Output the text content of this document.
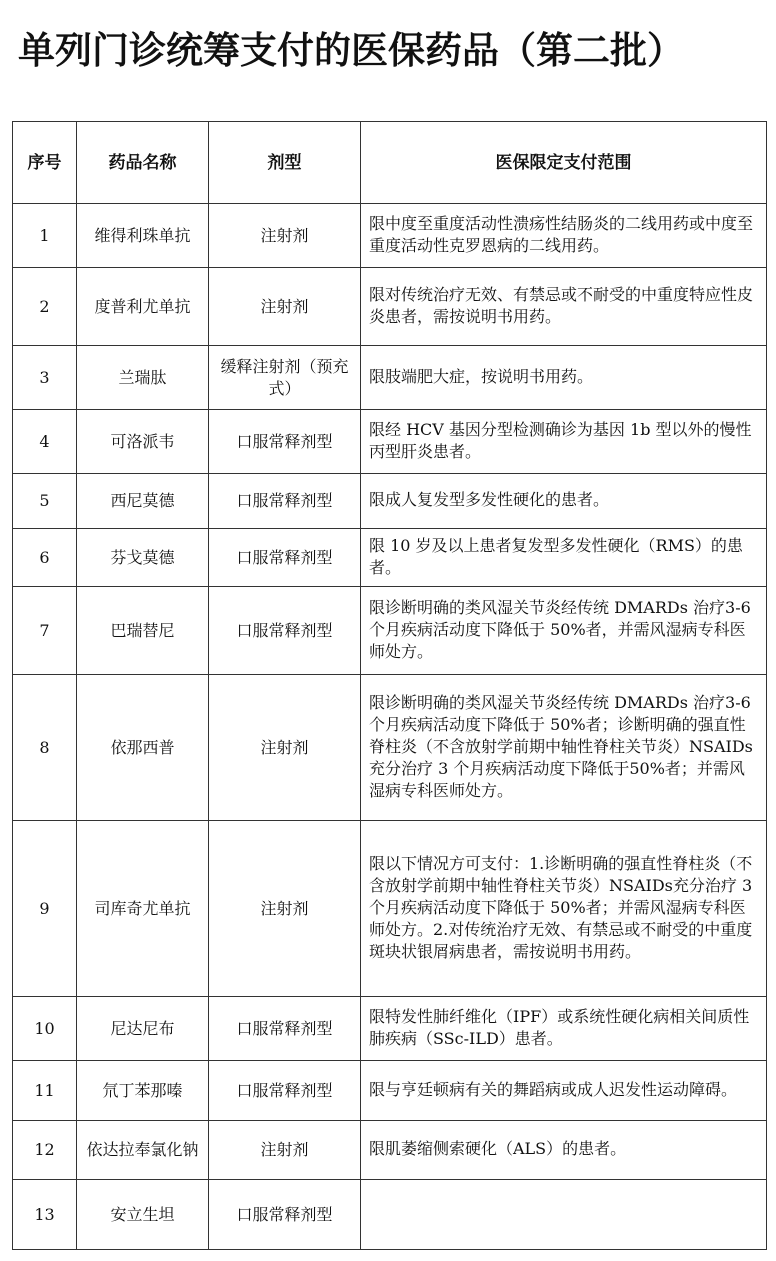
单列门诊统筹支付的医保药品（第二批）
序号	药品名称	剂型	医保限定支付范围
1	维得利珠单抗	注射剂	限中度至重度活动性溃疡性结肠炎的二线用药或中度至重度活动性克罗恩病的二线用药。
2	度普利尤单抗	注射剂	限对传统治疗无效、有禁忌或不耐受的中重度特应性皮炎患者，需按说明书用药。
3	兰瑞肽	缓释注射剂（预充式）	限肢端肥大症，按说明书用药。
4	可洛派韦	口服常释剂型	限经 HCV 基因分型检测确诊为基因 1b 型以外的慢性丙型肝炎患者。
5	西尼莫德	口服常释剂型	限成人复发型多发性硬化的患者。
6	芬戈莫德	口服常释剂型	限 10 岁及以上患者复发型多发性硬化（RMS）的患者。
7	巴瑞替尼	口服常释剂型	限诊断明确的类风湿关节炎经传统 DMARDs 治疗3-6个月疾病活动度下降低于 50%者，并需风湿病专科医师处方。
8	依那西普	注射剂	限诊断明确的类风湿关节炎经传统 DMARDs 治疗3-6个月疾病活动度下降低于 50%者；诊断明确的强直性脊柱炎（不含放射学前期中轴性脊柱关节炎）NSAIDs 充分治疗 3 个月疾病活动度下降低于50%者；并需风湿病专科医师处方。
9	司库奇尤单抗	注射剂	限以下情况方可支付：1.诊断明确的强直性脊柱炎（不含放射学前期中轴性脊柱关节炎）NSAIDs充分治疗 3 个月疾病活动度下降低于 50%者；并需风湿病专科医师处方。2.对传统治疗无效、有禁忌或不耐受的中重度斑块状银屑病患者，需按说明书用药。
10	尼达尼布	口服常释剂型	限特发性肺纤维化（IPF）或系统性硬化病相关间质性肺疾病（SSc-ILD）患者。
11	氘丁苯那嗪	口服常释剂型	限与亨廷顿病有关的舞蹈病或成人迟发性运动障碍。
12	依达拉奉氯化钠	注射剂	限肌萎缩侧索硬化（ALS）的患者。
13	安立生坦	口服常释剂型	
